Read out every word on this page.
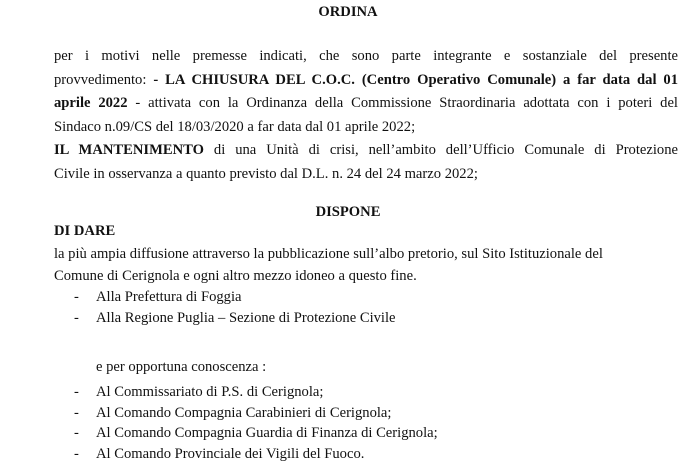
ORDINA
per i motivi nelle premesse indicati, che sono parte integrante e sostanziale del presente
provvedimento: - LA CHIUSURA DEL C.O.C. (Centro Operativo Comunale) a far data dal 01
aprile 2022 - attivata con la Ordinanza della Commissione Straordinaria adottata con i poteri del
Sindaco n.09/CS del 18/03/2020 a far data dal 01 aprile 2022;
IL MANTENIMENTO di una Unità di crisi, nell’ambito dell’Ufficio Comunale di Protezione
Civile in osservanza a quanto previsto dal D.L. n. 24 del 24 marzo 2022;
DISPONE
DI DARE
la più ampia diffusione attraverso la pubblicazione sull’albo pretorio, sul Sito Istituzionale del
Comune di Cerignola e ogni altro mezzo idoneo a questo fine.
- Alla Prefettura di Foggia
- Alla Regione Puglia – Sezione di Protezione Civile
e per opportuna conoscenza :
- Al Commissariato di P.S. di Cerignola;
- Al Comando Compagnia Carabinieri di Cerignola;
- Al Comando Compagnia Guardia di Finanza di Cerignola;
- Al Comando Provinciale dei Vigili del Fuoco.
